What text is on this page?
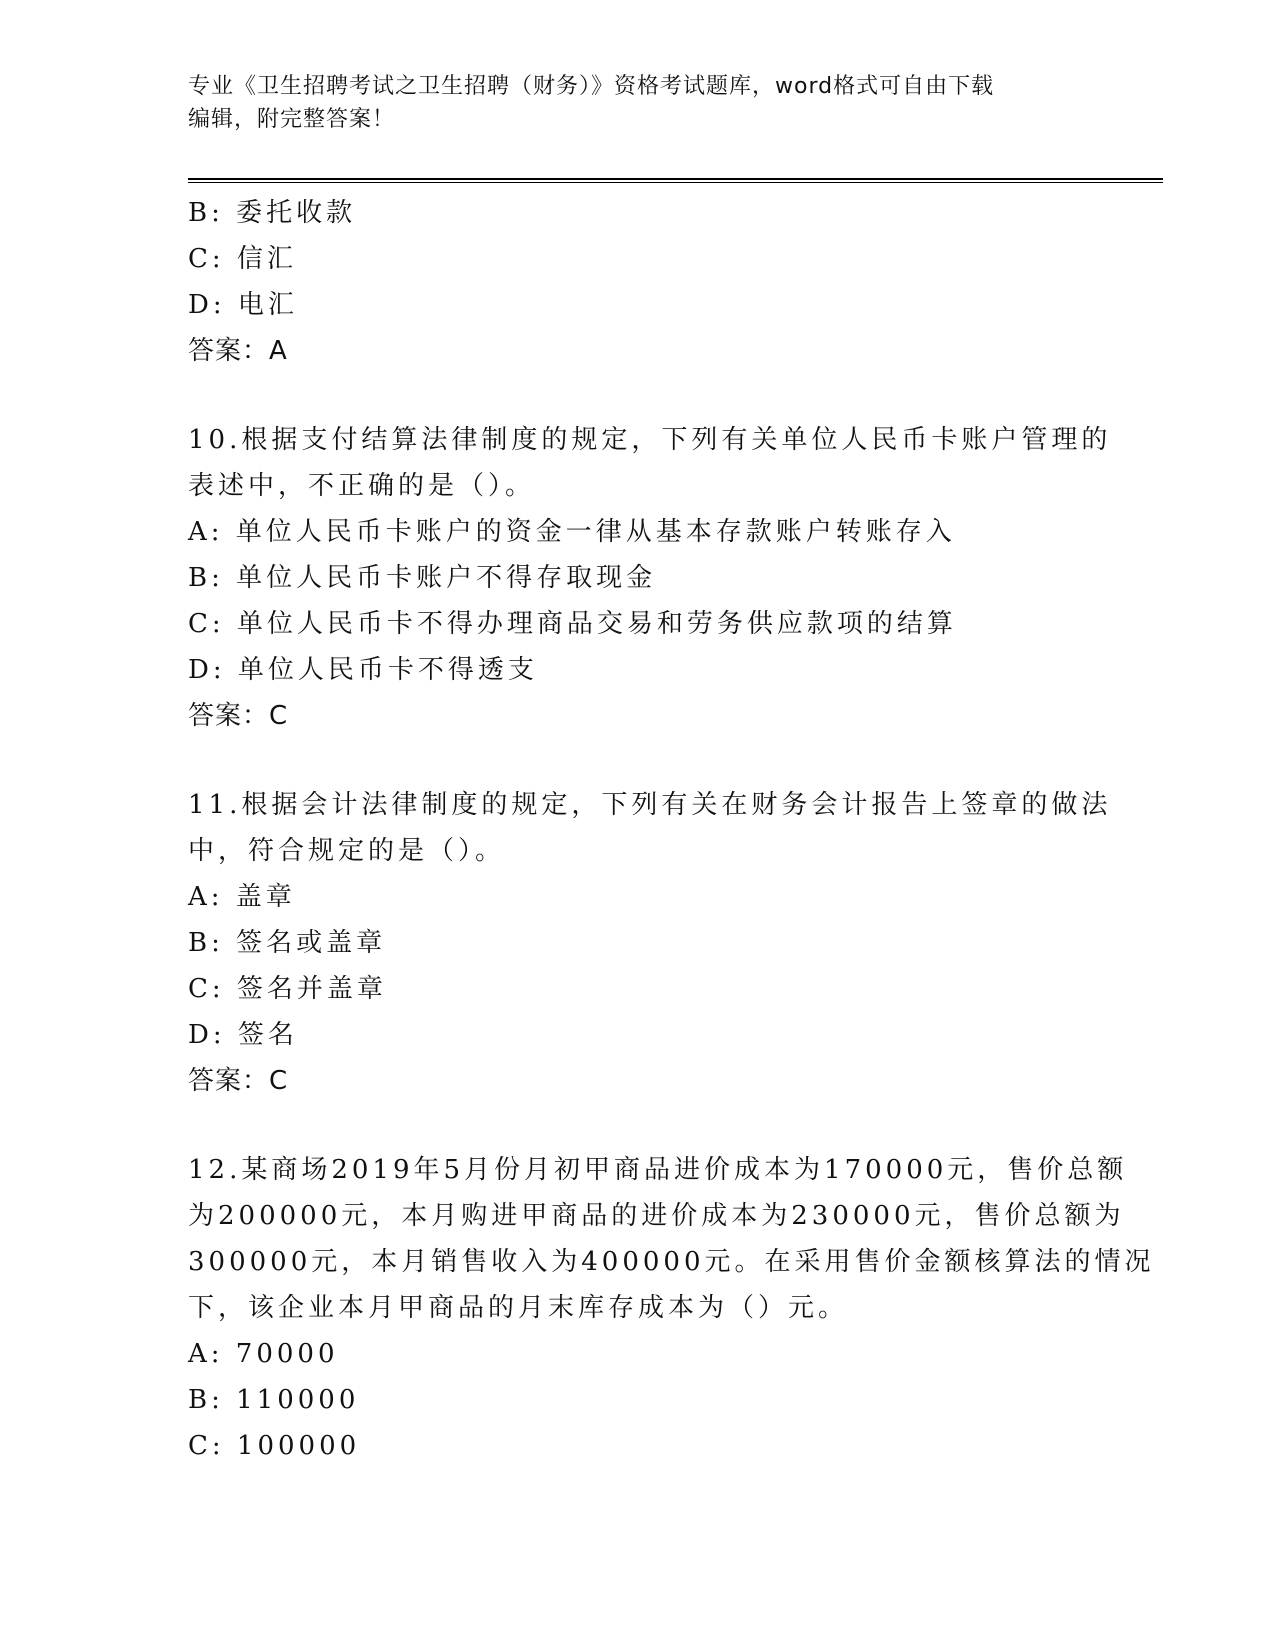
专业《卫生招聘考试之卫生招聘（财务）》资格考试题库，word格式可自由下载
编辑，附完整答案！
B: 委托收款
C: 信汇
D: 电汇
答案：A
10.根据支付结算法律制度的规定，下列有关单位人民币卡账户管理的
表述中，不正确的是（）。
A: 单位人民币卡账户的资金一律从基本存款账户转账存入
B: 单位人民币卡账户不得存取现金
C: 单位人民币卡不得办理商品交易和劳务供应款项的结算
D: 单位人民币卡不得透支
答案：C
11.根据会计法律制度的规定，下列有关在财务会计报告上签章的做法
中，符合规定的是（）。
A: 盖章
B: 签名或盖章
C: 签名并盖章
D: 签名
答案：C
12.某商场2019年5月份月初甲商品进价成本为170000元，售价总额
为200000元，本月购进甲商品的进价成本为230000元，售价总额为
300000元，本月销售收入为400000元。在采用售价金额核算法的情况
下，该企业本月甲商品的月末库存成本为（）元。
A: 70000
B: 110000
C: 100000
